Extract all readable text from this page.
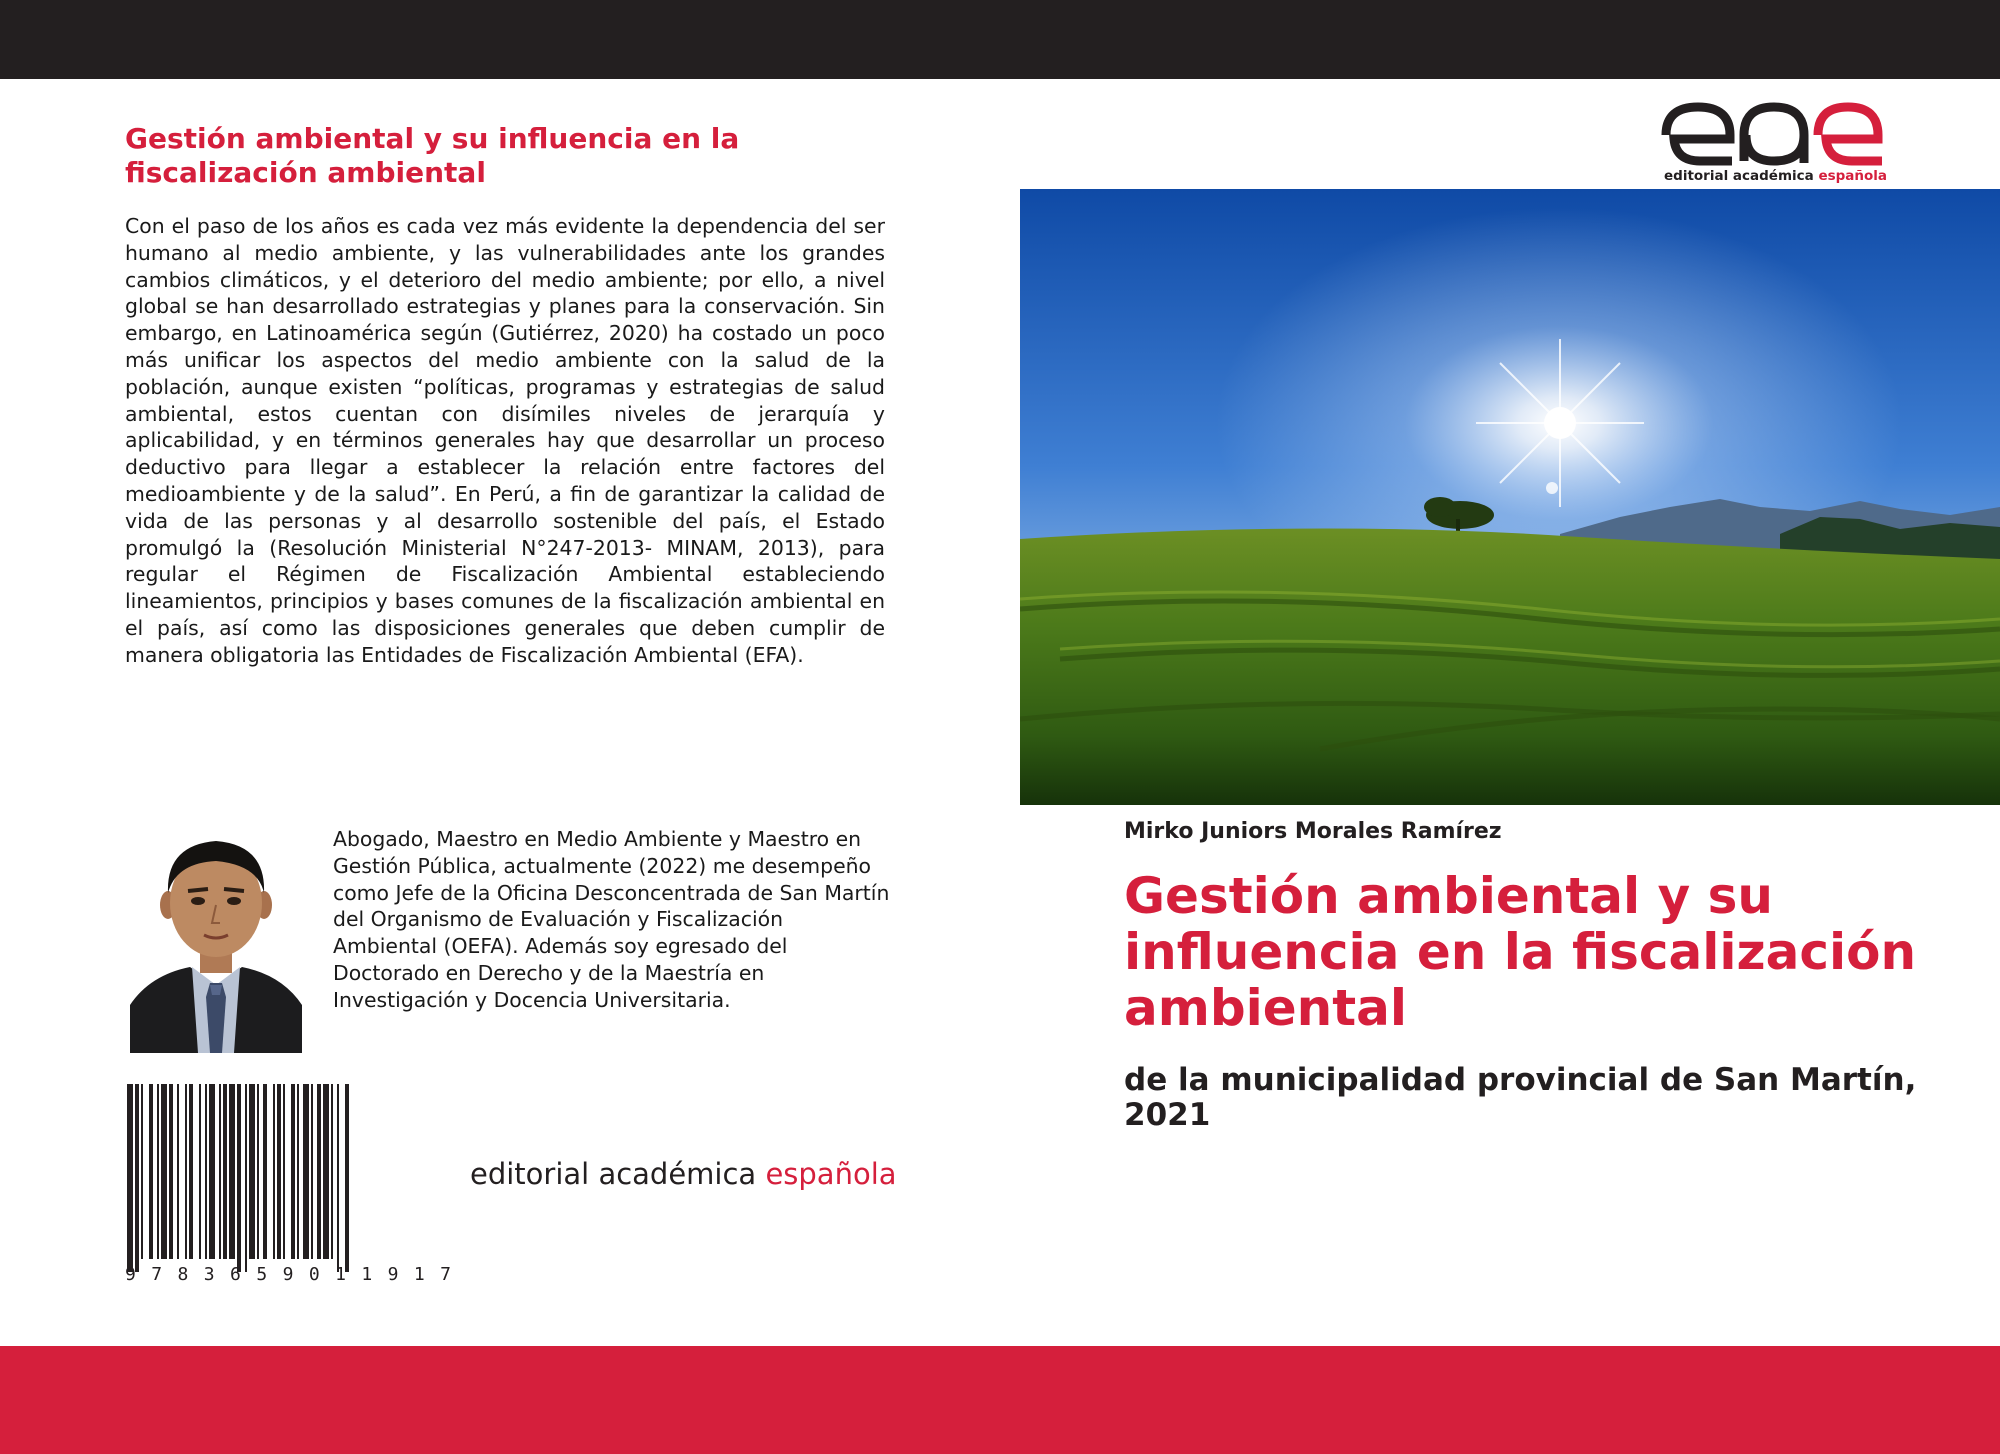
Gestión ambiental y su influencia en la fiscalización ambiental

Con el paso de los años es cada vez más evidente la dependencia del ser humano al medio ambiente, y las vulnerabilidades ante los grandes cambios climáticos, y el deterioro del medio ambiente; por ello, a nivel global se han desarrollado estrategias y planes para la conservación. Sin embargo, en Latinoamérica según (Gutiérrez, 2020) ha costado un poco más unificar los aspectos del medio ambiente con la salud de la población, aunque existen “políticas, programas y estrategias de salud ambiental, estos cuentan con disímiles niveles de jerarquía y aplicabilidad, y en términos generales hay que desarrollar un proceso deductivo para llegar a establecer la relación entre factores del medioambiente y de la salud”. En Perú, a fin de garantizar la calidad de vida de las personas y al desarrollo sostenible del país, el Estado promulgó la (Resolución Ministerial N°247-2013- MINAM, 2013), para regular el Régimen de Fiscalización Ambiental estableciendo lineamientos, principios y bases comunes de la fiscalización ambiental en el país, así como las disposiciones generales que deben cumplir de manera obligatoria las Entidades de Fiscalización Ambiental (EFA).

Abogado, Maestro en Medio Ambiente y Maestro en Gestión Pública, actualmente (2022) me desempeño como Jefe de la Oficina Desconcentrada de San Martín del Organismo de Evaluación y Fiscalización Ambiental (OEFA). Además soy egresado del Doctorado en Derecho y de la Maestría en Investigación y Docencia Universitaria.

9783659011917
editorial académica española
editorial académica española
Mirko Juniors Morales Ramírez
Gestión ambiental y su influencia en la fiscalización ambiental
de la municipalidad provincial de San Martín, 2021
